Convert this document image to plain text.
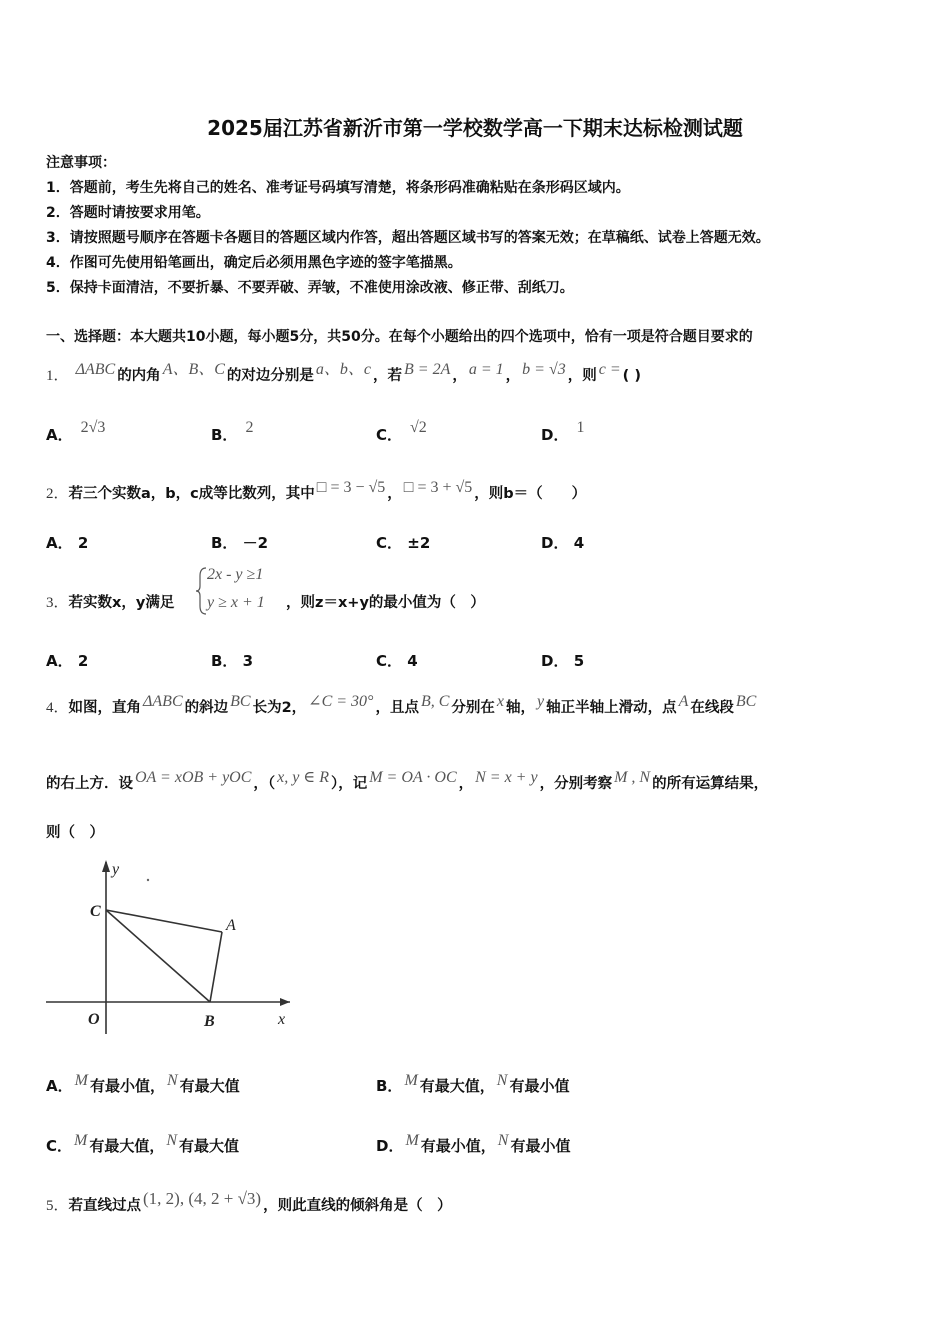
2025届江苏省新沂市第一学校数学高一下期末达标检测试题
注意事项：
1．答题前，考生先将自己的姓名、准考证号码填写清楚，将条形码准确粘贴在条形码区域内。
2．答题时请按要求用笔。
3．请按照题号顺序在答题卡各题目的答题区域内作答，超出答题区域书写的答案无效；在草稿纸、试卷上答题无效。
4．作图可先使用铅笔画出，确定后必须用黑色字迹的签字笔描黑。
5．保持卡面清洁，不要折暴、不要弄破、弄皱，不准使用涂改液、修正带、刮纸刀。
一、选择题：本大题共10小题，每小题5分，共50分。在每个小题给出的四个选项中，恰有一项是符合题目要求的
1． ΔABC 的内角 A、B、C 的对边分别是 a、b、c ，若 B = 2A ， a = 1 ， b = √3 ，则 c = ( )
A． 2√3	B． 2	C． √2	D． 1
2．若三个实数a，b，c成等比数列，其中 □ = 3 − √5 ， □ = 3 + √5 ，则b＝（　　）
A． 2	B． －2	C． ±2	D． 4
3．若实数x，y满足
2x - y ≥1
y ≥ x + 1 ，则z＝x+y的最小值为（　）
A． 2	B． 3	C． 4	D． 5
4．如图，直角 ΔABC 的斜边 BC 长为2， ∠C = 30° ，且点 B, C 分别在 x 轴， y 轴正半轴上滑动，点 A 在线段 BC
的右上方．设 OA = xOB + yOC ，（ x, y ∈ R ），记 M = OA · OC ， N = x + y ，分别考察 M , N 的所有运算结果，
则（　）
y
C
A
O	B	x
A． M 有最小值， N 有最大值	B． M 有最大值， N 有最小值
C． M 有最大值， N 有最大值	D． M 有最小值， N 有最小值
5．若直线过点 (1, 2), (4, 2 + √3) ，则此直线的倾斜角是（　）
